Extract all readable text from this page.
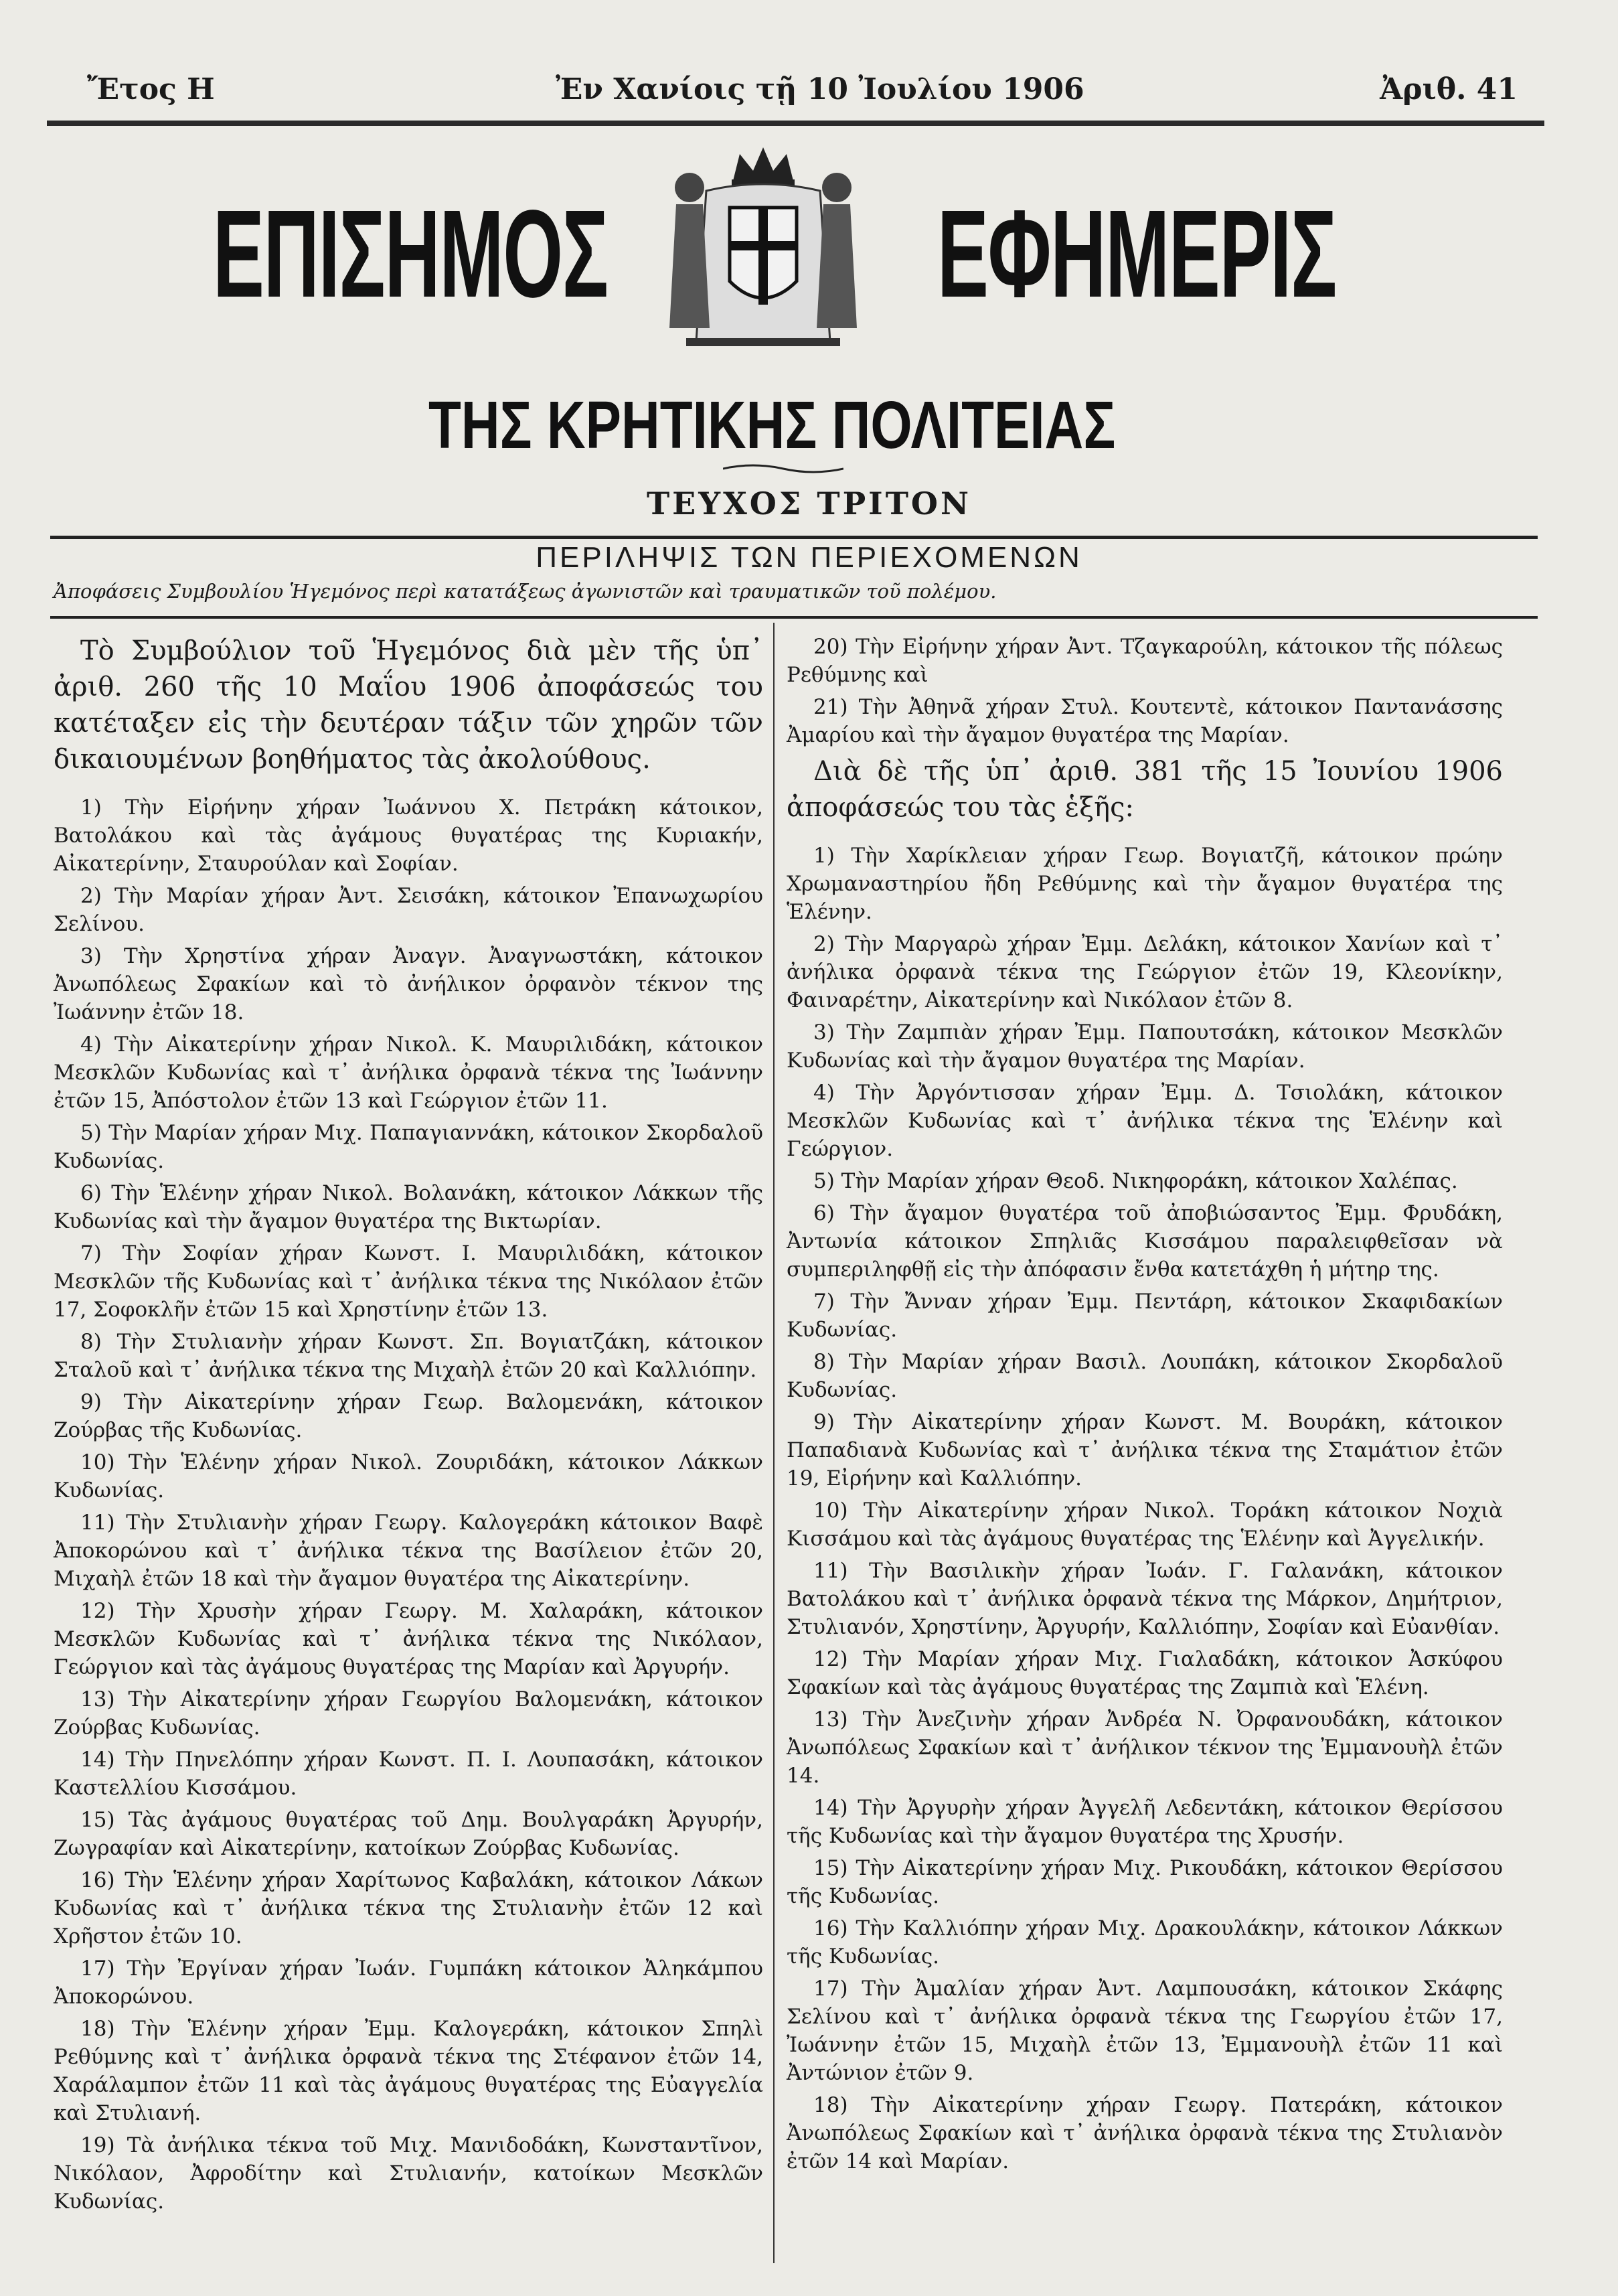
Ἔτος Η	Ἐν Χανίοις τῇ 10 Ἰουλίου 1906	Ἀριθ. 41
ΕΠΙΣΗΜΟΣ	ΕΦΗΜΕΡΙΣ
ΤΗΣ ΚΡΗΤΙΚΗΣ ΠΟΛΙΤΕΙΑΣ
ΤΕΥΧΟΣ ΤΡΙΤΟΝ
ΠΕΡΙΛΗΨΙΣ ΤΩΝ ΠΕΡΙΕΧΟΜΕΝΩΝ
Ἀποφάσεις Συμβουλίου Ἡγεμόνος περὶ κατατάξεως ἀγωνιστῶν καὶ τραυματικῶν τοῦ πολέμου.

Τὸ Συμβούλιον τοῦ Ἡγεμόνος διὰ μὲν τῆς ὑπ᾽ ἀριθ. 260 τῆς 10 Μαΐου 1906 ἀποφάσεώς του κατέταξεν εἰς τὴν δευτέραν τάξιν τῶν χηρῶν τῶν δικαιουμένων βοηθήματος τὰς ἀκολούθους.

1) Τὴν Εἰρήνην χήραν Ἰωάννου Χ. Πετράκη κάτοικον, Βατολάκου καὶ τὰς ἀγάμους θυγατέρας της Κυριακήν, Αἰκατερίνην, Σταυρούλαν καὶ Σοφίαν.

2) Τὴν Μαρίαν χήραν Ἀντ. Σεισάκη, κάτοικον Ἐπανωχωρίου Σελίνου.

3) Τὴν Χρηστίνα χήραν Ἀναγν. Ἀναγνωστάκη, κάτοικον Ἀνωπόλεως Σφακίων καὶ τὸ ἀνήλικον ὀρφανὸν τέκνον της Ἰωάννην ἐτῶν 18.

4) Τὴν Αἰκατερίνην χήραν Νικολ. Κ. Μαυριλιδάκη, κάτοικον Μεσκλῶν Κυδωνίας καὶ τ᾽ ἀνήλικα ὀρφανὰ τέκνα της Ἰωάννην ἐτῶν 15, Ἀπόστολον ἐτῶν 13 καὶ Γεώργιον ἐτῶν 11.

5) Τὴν Μαρίαν χήραν Μιχ. Παπαγιαννάκη, κάτοικον Σκορδαλοῦ Κυδωνίας.

6) Τὴν Ἑλένην χήραν Νικολ. Βολανάκη, κάτοικον Λάκκων τῆς Κυδωνίας καὶ τὴν ἄγαμον θυγατέρα της Βικτωρίαν.

7) Τὴν Σοφίαν χήραν Κωνστ. Ι. Μαυριλιδάκη, κάτοικον Μεσκλῶν τῆς Κυδωνίας καὶ τ᾽ ἀνήλικα τέκνα της Νικόλαον ἐτῶν 17, Σοφοκλῆν ἐτῶν 15 καὶ Χρηστίνην ἐτῶν 13.

8) Τὴν Στυλιανὴν χήραν Κωνστ. Σπ. Βογιατζάκη, κάτοικον Σταλοῦ καὶ τ᾽ ἀνήλικα τέκνα της Μιχαὴλ ἐτῶν 20 καὶ Καλλιόπην.

9) Τὴν Αἰκατερίνην χήραν Γεωρ. Βαλομενάκη, κάτοικον Ζούρβας τῆς Κυδωνίας.

10) Τὴν Ἑλένην χήραν Νικολ. Ζουριδάκη, κάτοικον Λάκκων Κυδωνίας.

11) Τὴν Στυλιανὴν χήραν Γεωργ. Καλογεράκη κάτοικον Βαφὲ Ἀποκορώνου καὶ τ᾽ ἀνήλικα τέκνα της Βασίλειον ἐτῶν 20, Μιχαὴλ ἐτῶν 18 καὶ τὴν ἄγαμον θυγατέρα της Αἰκατερίνην.

12) Τὴν Χρυσὴν χήραν Γεωργ. Μ. Χαλαράκη, κάτοικον Μεσκλῶν Κυδωνίας καὶ τ᾽ ἀνήλικα τέκνα της Νικόλαον, Γεώργιον καὶ τὰς ἀγάμους θυγατέρας της Μαρίαν καὶ Ἀργυρήν.

13) Τὴν Αἰκατερίνην χήραν Γεωργίου Βαλομενάκη, κάτοικον Ζούρβας Κυδωνίας.

14) Τὴν Πηνελόπην χήραν Κωνστ. Π. Ι. Λουπασάκη, κάτοικον Καστελλίου Κισσάμου.

15) Τὰς ἀγάμους θυγατέρας τοῦ Δημ. Βουλγαράκη Ἀργυρήν, Ζωγραφίαν καὶ Αἰκατερίνην, κατοίκων Ζούρβας Κυδωνίας.

16) Τὴν Ἑλένην χήραν Χαρίτωνος Καβαλάκη, κάτοικον Λάκων Κυδωνίας καὶ τ᾽ ἀνήλικα τέκνα της Στυλιανὴν ἐτῶν 12 καὶ Χρῆστον ἐτῶν 10.

17) Τὴν Ἐργίναν χήραν Ἰωάν. Γυμπάκη κάτοικον Ἀληκάμπου Ἀποκορώνου.

18) Τὴν Ἑλένην χήραν Ἐμμ. Καλογεράκη, κάτοικον Σπηλὶ Ρεθύμνης καὶ τ᾽ ἀνήλικα ὀρφανὰ τέκνα της Στέφανον ἐτῶν 14, Χαράλαμπον ἐτῶν 11 καὶ τὰς ἀγάμους θυγατέρας της Εὐαγγελία καὶ Στυλιανή.

19) Τὰ ἀνήλικα τέκνα τοῦ Μιχ. Μανιδοδάκη, Κωνσταντῖνον, Νικόλαον, Ἀφροδίτην καὶ Στυλιανήν, κατοίκων Μεσκλῶν Κυδωνίας.

20) Τὴν Εἰρήνην χήραν Ἀντ. Τζαγκαρούλη, κάτοικον τῆς πόλεως Ρεθύμνης καὶ

21) Τὴν Ἀθηνᾶ χήραν Στυλ. Κουτεντὲ, κάτοικον Παντανάσσης Ἀμαρίου καὶ τὴν ἄγαμον θυγατέρα της Μαρίαν.

Διὰ δὲ τῆς ὑπ᾽ ἀριθ. 381 τῆς 15 Ἰουνίου 1906 ἀποφάσεώς του τὰς ἑξῆς:

1) Τὴν Χαρίκλειαν χήραν Γεωρ. Βογιατζῆ, κάτοικον πρώην Χρωμαναστηρίου ἤδη Ρεθύμνης καὶ τὴν ἄγαμον θυγατέρα της Ἑλένην.

2) Τὴν Μαργαρὼ χήραν Ἐμμ. Δελάκη, κάτοικον Χανίων καὶ τ᾽ ἀνήλικα ὀρφανὰ τέκνα της Γεώργιον ἐτῶν 19, Κλεονίκην, Φαιναρέτην, Αἰκατερίνην καὶ Νικόλαον ἐτῶν 8.

3) Τὴν Ζαμπιὰν χήραν Ἐμμ. Παπουτσάκη, κάτοικον Μεσκλῶν Κυδωνίας καὶ τὴν ἄγαμον θυγατέρα της Μαρίαν.

4) Τὴν Ἀργόντισσαν χήραν Ἐμμ. Δ. Τσιολάκη, κάτοικον Μεσκλῶν Κυδωνίας καὶ τ᾽ ἀνήλικα τέκνα της Ἑλένην καὶ Γεώργιον.

5) Τὴν Μαρίαν χήραν Θεοδ. Νικηφοράκη, κάτοικον Χαλέπας.

6) Τὴν ἄγαμον θυγατέρα τοῦ ἀποβιώσαντος Ἐμμ. Φρυδάκη, Ἀντωνία κάτοικον Σπηλιᾶς Κισσάμου παραλειφθεῖσαν νὰ συμπεριληφθῇ εἰς τὴν ἀπόφασιν ἔνθα κατετάχθη ἡ μήτηρ της.

7) Τὴν Ἄνναν χήραν Ἐμμ. Πεντάρη, κάτοικον Σκαφιδακίων Κυδωνίας.

8) Τὴν Μαρίαν χήραν Βασιλ. Λουπάκη, κάτοικον Σκορδαλοῦ Κυδωνίας.

9) Τὴν Αἰκατερίνην χήραν Κωνστ. Μ. Βουράκη, κάτοικον Παπαδιανὰ Κυδωνίας καὶ τ᾽ ἀνήλικα τέκνα της Σταμάτιον ἐτῶν 19, Εἰρήνην καὶ Καλλιόπην.

10) Τὴν Αἰκατερίνην χήραν Νικολ. Τοράκη κάτοικον Νοχιὰ Κισσάμου καὶ τὰς ἀγάμους θυγατέρας της Ἑλένην καὶ Ἀγγελικήν.

11) Τὴν Βασιλικὴν χήραν Ἰωάν. Γ. Γαλανάκη, κάτοικον Βατολάκου καὶ τ᾽ ἀνήλικα ὀρφανὰ τέκνα της Μάρκον, Δημήτριον, Στυλιανόν, Χρηστίνην, Ἀργυρήν, Καλλιόπην, Σοφίαν καὶ Εὐανθίαν.

12) Τὴν Μαρίαν χήραν Μιχ. Γιαλαδάκη, κάτοικον Ἀσκύφου Σφακίων καὶ τὰς ἀγάμους θυγατέρας της Ζαμπιὰ καὶ Ἑλένη.

13) Τὴν Ἀνεζινὴν χήραν Ἀνδρέα Ν. Ὀρφανουδάκη, κάτοικον Ἀνωπόλεως Σφακίων καὶ τ᾽ ἀνήλικον τέκνον της Ἐμμανουὴλ ἐτῶν 14.

14) Τὴν Ἀργυρὴν χήραν Ἀγγελῆ Λεδεντάκη, κάτοικον Θερίσσου τῆς Κυδωνίας καὶ τὴν ἄγαμον θυγατέρα της Χρυσήν.

15) Τὴν Αἰκατερίνην χήραν Μιχ. Ρικουδάκη, κάτοικον Θερίσσου τῆς Κυδωνίας.

16) Τὴν Καλλιόπην χήραν Μιχ. Δρακουλάκην, κάτοικον Λάκκων τῆς Κυδωνίας.

17) Τὴν Ἀμαλίαν χήραν Ἀντ. Λαμπουσάκη, κάτοικον Σκάφης Σελίνου καὶ τ᾽ ἀνήλικα ὀρφανὰ τέκνα της Γεωργίου ἐτῶν 17, Ἰωάννην ἐτῶν 15, Μιχαὴλ ἐτῶν 13, Ἐμμανουὴλ ἐτῶν 11 καὶ Ἀντώνιον ἐτῶν 9.

18) Τὴν Αἰκατερίνην χήραν Γεωργ. Πατεράκη, κάτοικον Ἀνωπόλεως Σφακίων καὶ τ᾽ ἀνήλικα ὀρφανὰ τέκνα της Στυλιανὸν ἐτῶν 14 καὶ Μαρίαν.
